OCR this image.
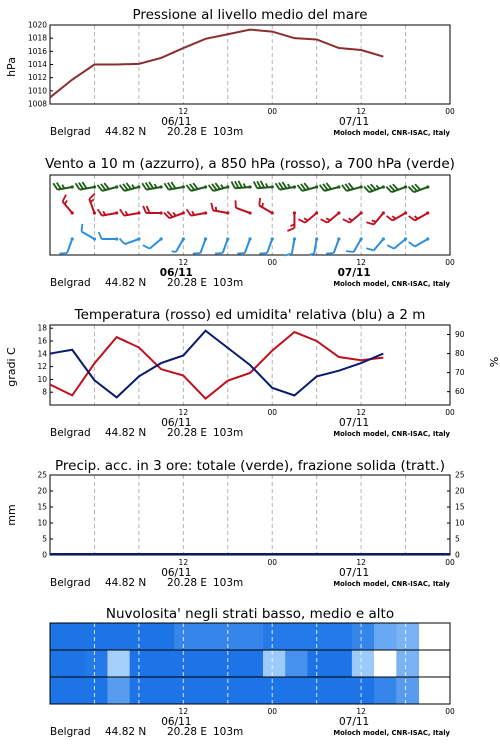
Pressione al livello medio del mare
hPa
Vento a 10 m (azzurro), a 850 hPa (rosso), a 700 hPa (verde)
Temperatura (rosso) ed umidita' relativa (blu) a 2 m
gradi C	%
Precip. acc. in 3 ore: totale (verde), frazione solida (tratt.)
mm
Nuvolosita' negli strati basso, medio e alto
12	00	12	00
06/11	07/11
Belgrad 44.82 N 20.28 E 103m	Moloch model, CNR-ISAC, Italy
1008
1010
1012
1014
1016
1018
1020
12	00	12	00
06/11	07/11
Belgrad 44.82 N 20.28 E 103m	Moloch model, CNR-ISAC, Italy
12	00	12	00
06/11	07/11
Belgrad 44.82 N 20.28 E 103m	Moloch model, CNR-ISAC, Italy
8
10
12
14
16
18
60
70
80
90
12	00	12	00
06/11	07/11
Belgrad 44.82 N 20.28 E 103m	Moloch model, CNR-ISAC, Italy
0
5
10
15
20
25
0
5
10
15
20
25
12	00	12	00
06/11	07/11
Belgrad 44.82 N 20.28 E 103m	Moloch model, CNR-ISAC, Italy
